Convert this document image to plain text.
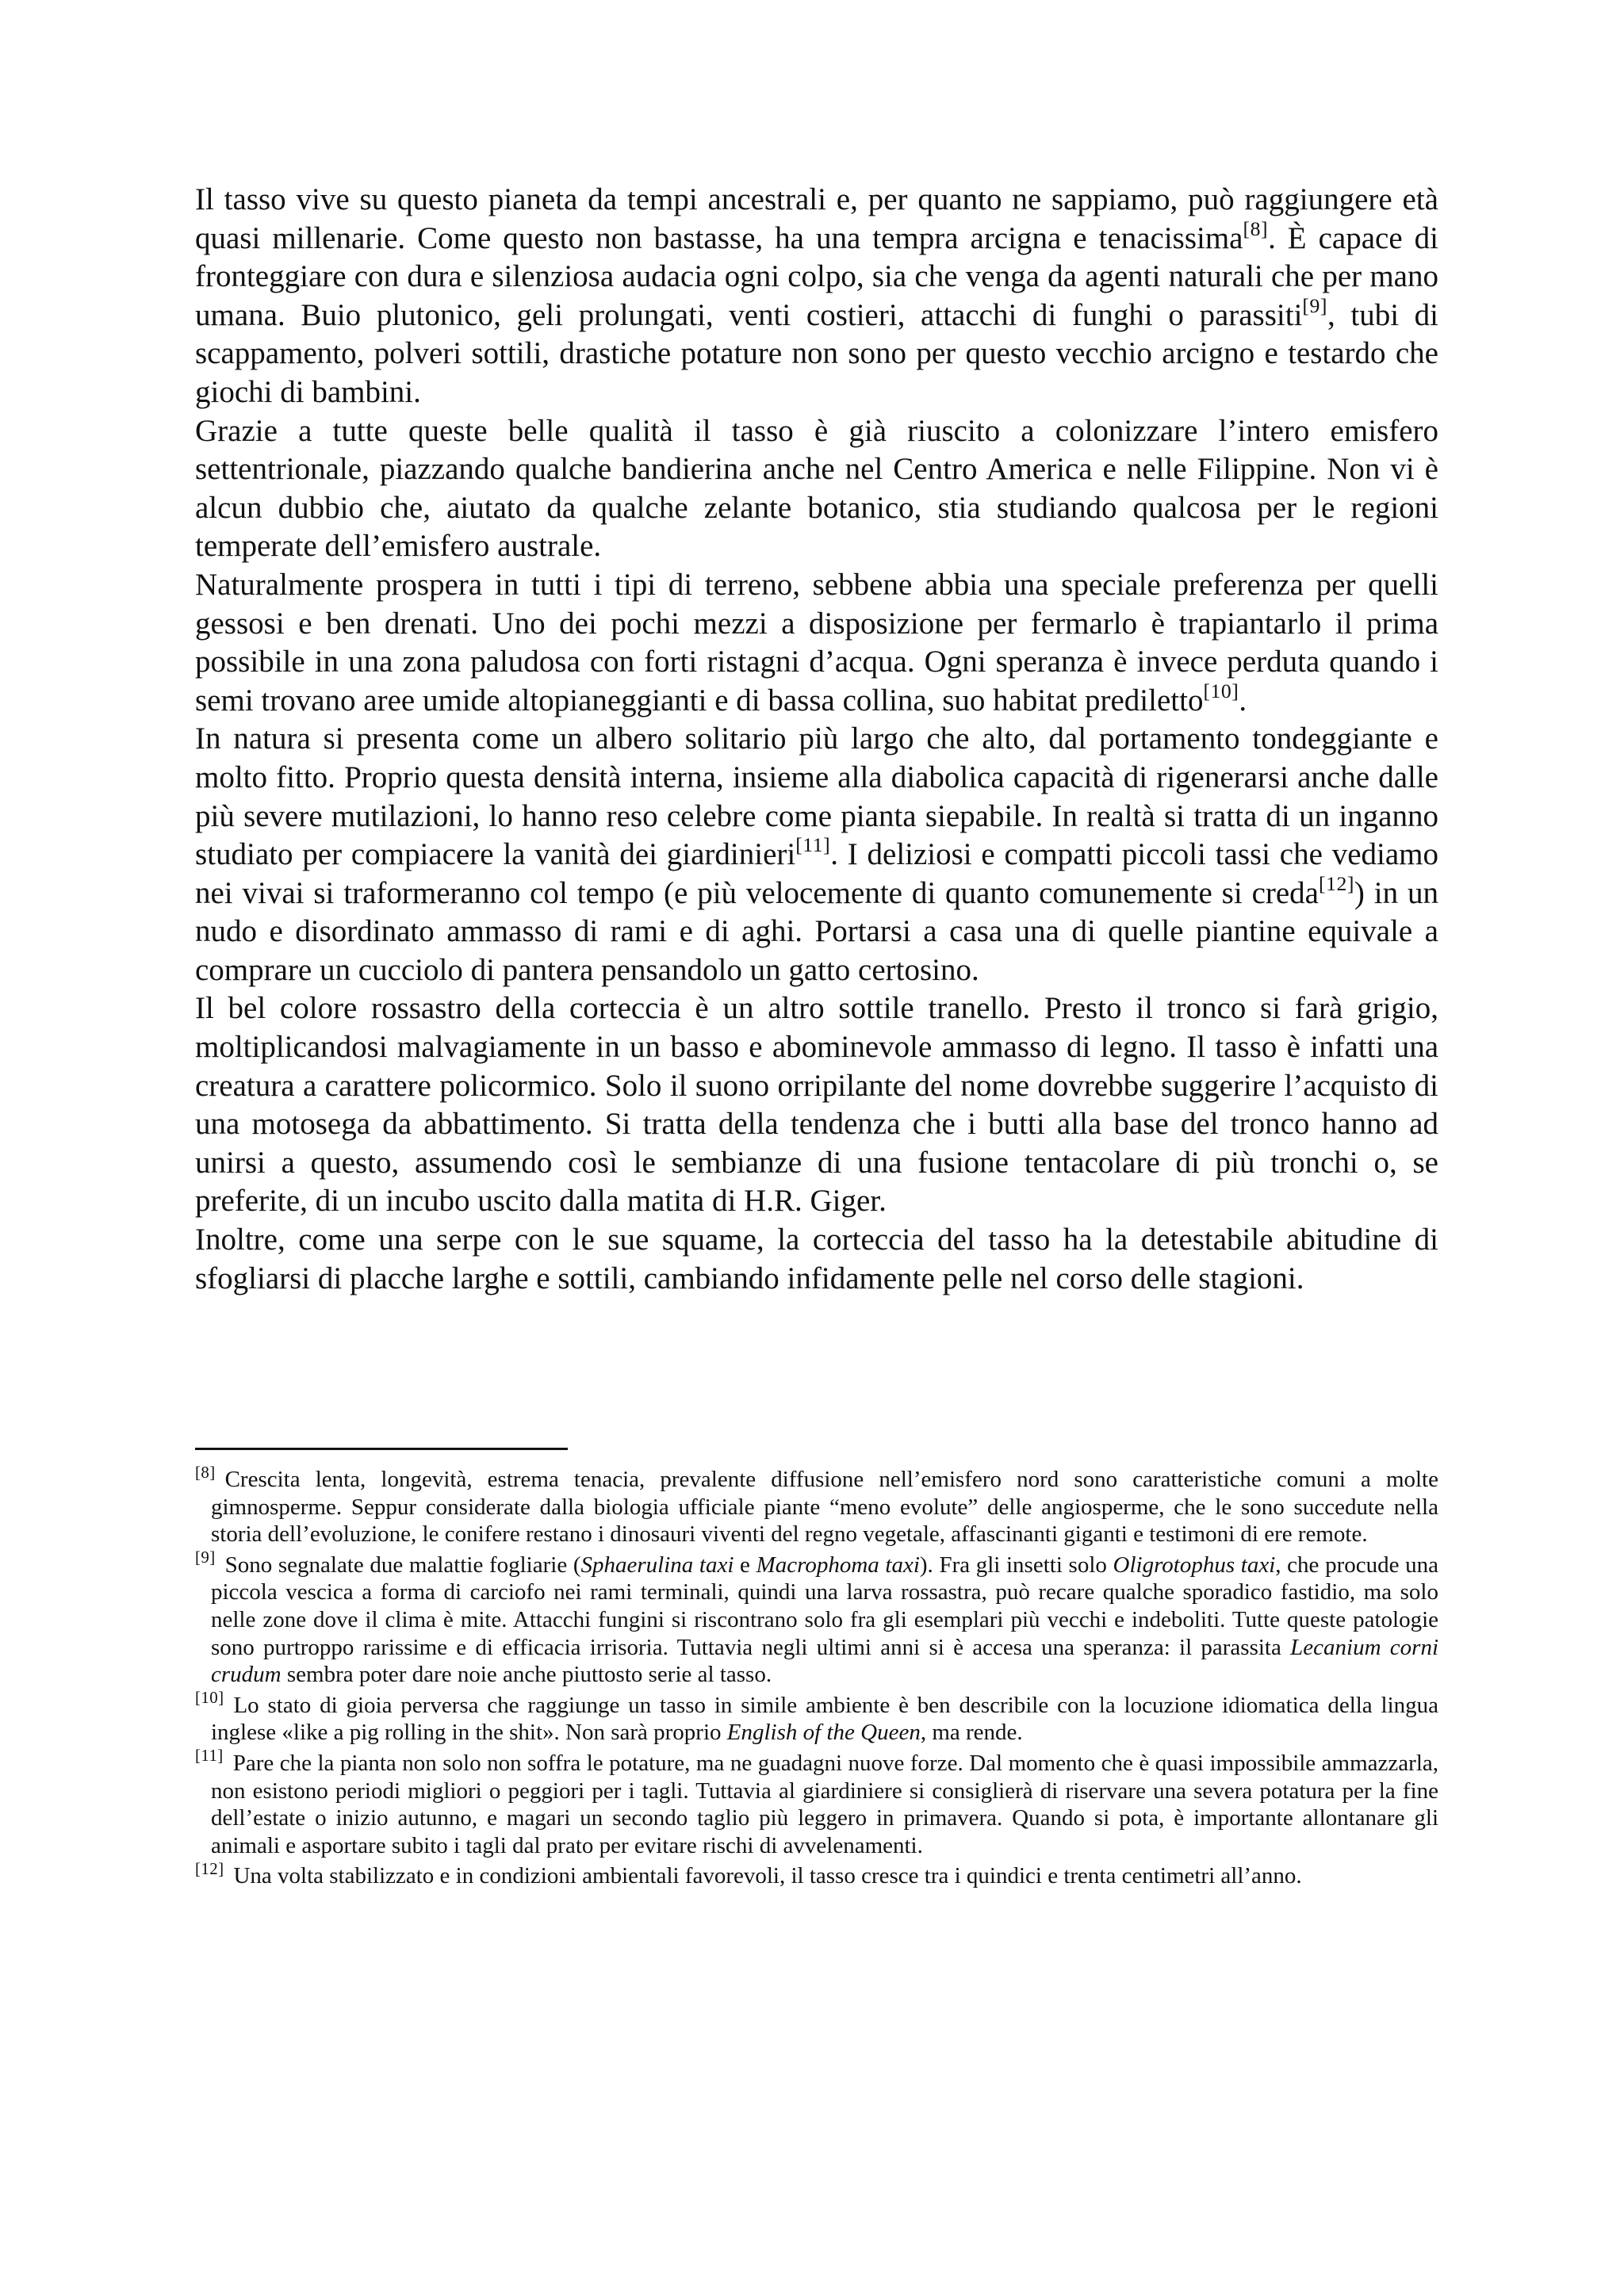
Il tasso vive su questo pianeta da tempi ancestrali e, per quanto ne sappiamo, può raggiungere età quasi millenarie. Come questo non bastasse, ha una tempra arcigna e tenacissima[8]. È capace di fronteggiare con dura e silenziosa audacia ogni colpo, sia che venga da agenti naturali che per mano umana. Buio plutonico, geli prolungati, venti costieri, attacchi di funghi o parassiti[9], tubi di scappamento, polveri sottili, drastiche potature non sono per questo vecchio arcigno e testardo che giochi di bambini.

Grazie a tutte queste belle qualità il tasso è già riuscito a colonizzare l’intero emisfero settentrionale, piazzando qualche bandierina anche nel Centro America e nelle Filippine. Non vi è alcun dubbio che, aiutato da qualche zelante botanico, stia studiando qualcosa per le regioni temperate dell’emisfero australe.

Naturalmente prospera in tutti i tipi di terreno, sebbene abbia una speciale preferenza per quelli gessosi e ben drenati. Uno dei pochi mezzi a disposizione per fermarlo è trapiantarlo il prima possibile in una zona paludosa con forti ristagni d’acqua. Ogni speranza è invece perduta quando i semi trovano aree umide altopianeggianti e di bassa collina, suo habitat prediletto[10].

In natura si presenta come un albero solitario più largo che alto, dal portamento tondeggiante e molto fitto. Proprio questa densità interna, insieme alla diabolica capacità di rigenerarsi anche dalle più severe mutilazioni, lo hanno reso celebre come pianta siepabile. In realtà si tratta di un inganno studiato per compiacere la vanità dei giardinieri[11]. I deliziosi e compatti piccoli tassi che vediamo nei vivai si traformeranno col tempo (e più velocemente di quanto comunemente si creda[12]) in un nudo e disordinato ammasso di rami e di aghi. Portarsi a casa una di quelle piantine equivale a comprare un cucciolo di pantera pensandolo un gatto certosino.

Il bel colore rossastro della corteccia è un altro sottile tranello. Presto il tronco si farà grigio, moltiplicandosi malvagiamente in un basso e abominevole ammasso di legno. Il tasso è infatti una creatura a carattere policormico. Solo il suono orripilante del nome dovrebbe suggerire l’acquisto di una motosega da abbattimento. Si tratta della tendenza che i butti alla base del tronco hanno ad unirsi a questo, assumendo così le sembianze di una fusione tentacolare di più tronchi o, se preferite, di un incubo uscito dalla matita di H.R. Giger.

Inoltre, come una serpe con le sue squame, la corteccia del tasso ha la detestabile abitudine di sfogliarsi di placche larghe e sottili, cambiando infidamente pelle nel corso delle stagioni.

[8] Crescita lenta, longevità, estrema tenacia, prevalente diffusione nell’emisfero nord sono caratteristiche comuni a molte gimnosperme. Seppur considerate dalla biologia ufficiale piante “meno evolute” delle angiosperme, che le sono succedute nella storia dell’evoluzione, le conifere restano i dinosauri viventi del regno vegetale, affascinanti giganti e testimoni di ere remote.

[9] Sono segnalate due malattie fogliarie (Sphaerulina taxi e Macrophoma taxi). Fra gli insetti solo Oligrotophus taxi, che procude una piccola vescica a forma di carciofo nei rami terminali, quindi una larva rossastra, può recare qualche sporadico fastidio, ma solo nelle zone dove il clima è mite. Attacchi fungini si riscontrano solo fra gli esemplari più vecchi e indeboliti. Tutte queste patologie sono purtroppo rarissime e di efficacia irrisoria. Tuttavia negli ultimi anni si è accesa una speranza: il parassita Lecanium corni crudum sembra poter dare noie anche piuttosto serie al tasso.

[10] Lo stato di gioia perversa che raggiunge un tasso in simile ambiente è ben describile con la locuzione idiomatica della lingua inglese «like a pig rolling in the shit». Non sarà proprio English of the Queen, ma rende.

[11] Pare che la pianta non solo non soffra le potature, ma ne guadagni nuove forze. Dal momento che è quasi impossibile ammazzarla, non esistono periodi migliori o peggiori per i tagli. Tuttavia al giardiniere si consiglierà di riservare una severa potatura per la fine dell’estate o inizio autunno, e magari un secondo taglio più leggero in primavera. Quando si pota, è importante allontanare gli animali e asportare subito i tagli dal prato per evitare rischi di avvelenamenti.

[12] Una volta stabilizzato e in condizioni ambientali favorevoli, il tasso cresce tra i quindici e trenta centimetri all’anno.
